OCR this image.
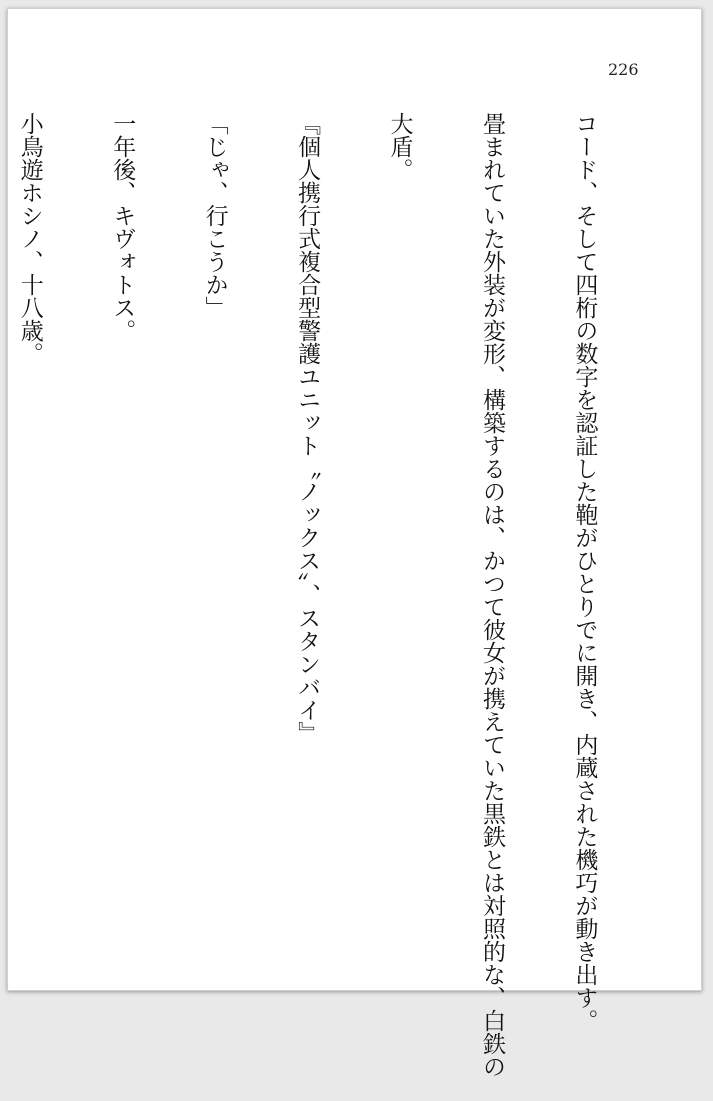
226

コード、そして四桁の数字を認証した鞄がひとりでに開き、内蔵された機巧が動き出す。

畳まれていた外装が変形、構築するのは、かつて彼女が携えていた黒鉄とは対照的な、白鉄の

大盾。

『個人携行式複合型警護ユニット〝ノックス〟、スタンバイ』

「じゃ、行こうか」

一年後、キヴォトス。

小鳥遊ホシノ、十八歳。
